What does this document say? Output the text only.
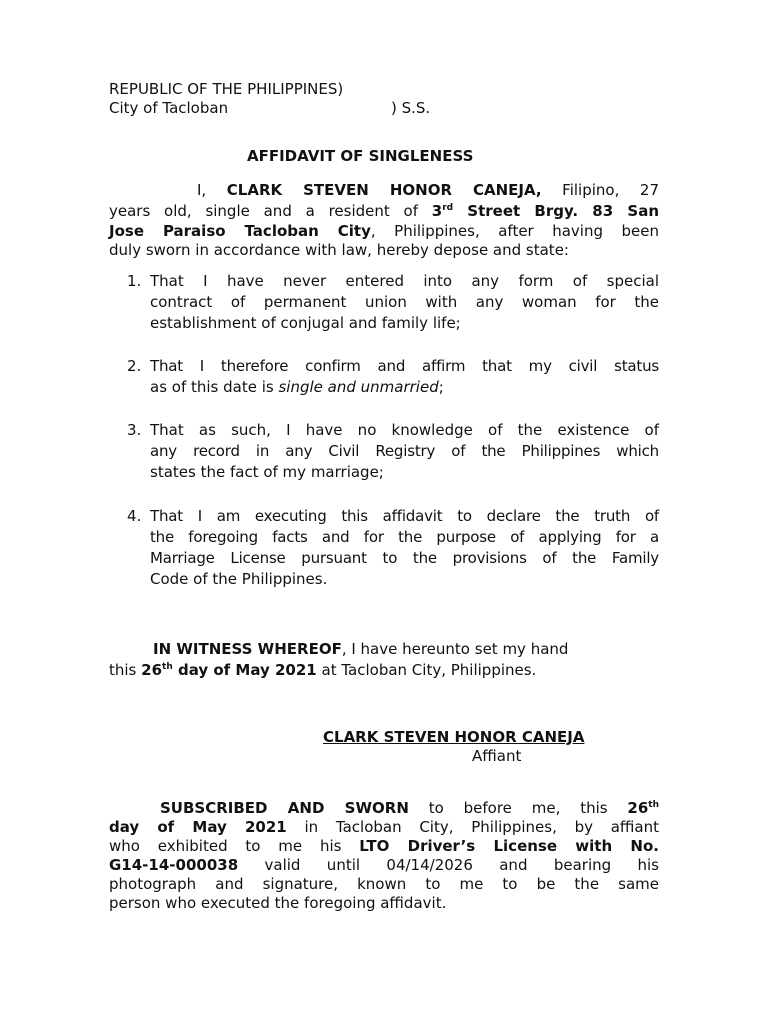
REPUBLIC OF THE PHILIPPINES)
City of Tacloban	) S.S.
AFFIDAVIT OF SINGLENESS
I, CLARK STEVEN HONOR CANEJA, Filipino, 27
years old, single and a resident of 3rd Street Brgy. 83 San
Jose Paraiso Tacloban City, Philippines, after having been
duly sworn in accordance with law, hereby depose and state:
1. That I have never entered into any form of special
contract of permanent union with any woman for the
establishment of conjugal and family life;
2. That I therefore confirm and affirm that my civil status
as of this date is single and unmarried;
3. That as such, I have no knowledge of the existence of
any record in any Civil Registry of the Philippines which
states the fact of my marriage;
4. That I am executing this affidavit to declare the truth of
the foregoing facts and for the purpose of applying for a
Marriage License pursuant to the provisions of the Family
Code of the Philippines.
IN WITNESS WHEREOF, I have hereunto set my hand
this 26th day of May 2021 at Tacloban City, Philippines.
CLARK STEVEN HONOR CANEJA
Affiant
SUBSCRIBED AND SWORN to before me, this 26th
day of May 2021 in Tacloban City, Philippines, by affiant
who exhibited to me his LTO Driver’s License with No.
G14-14-000038 valid until 04/14/2026 and bearing his
photograph and signature, known to me to be the same
person who executed the foregoing affidavit.
